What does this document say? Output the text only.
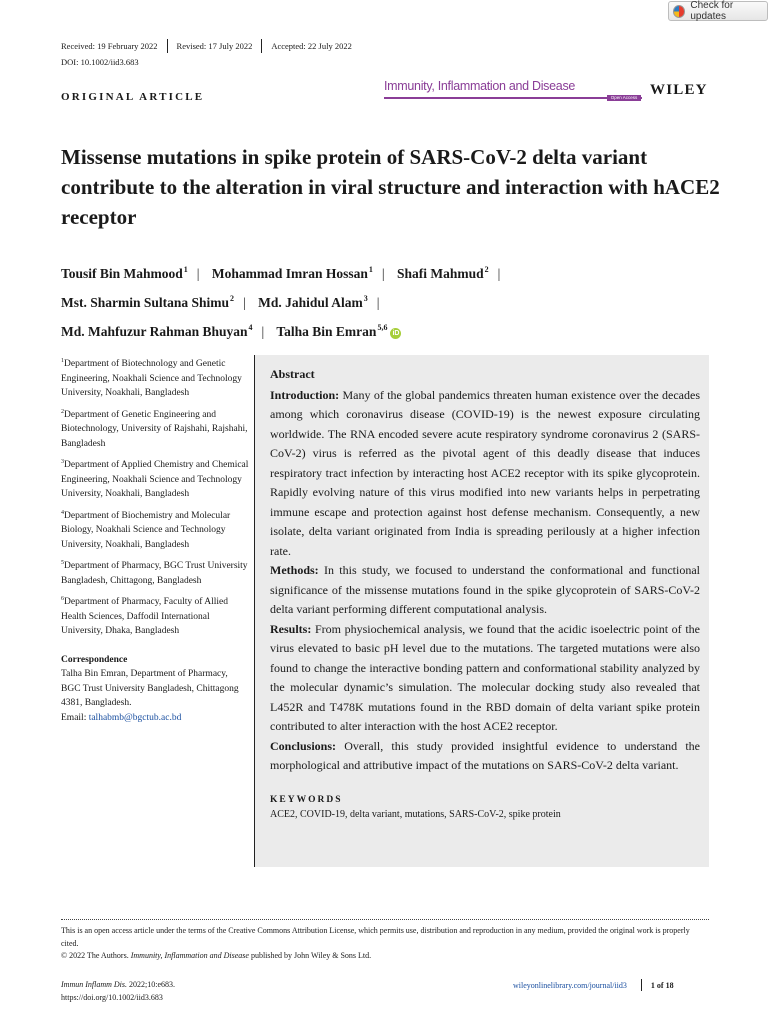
Check for updates
Received: 19 February 2022 Revised: 17 July 2022 Accepted: 22 July 2022
DOI: 10.1002/iid3.683
ORIGINAL ARTICLE
Immunity, Inflammation and Disease
Open Access WILEY
Missense mutations in spike protein of SARS-CoV-2 delta variant contribute to the alteration in viral structure and interaction with hACE2 receptor
Tousif Bin Mahmood$^1$ | Mohammad Imran Hossan$^1$ | Shafi Mahmud$^2$ |
Mst. Sharmin Sultana Shimu$^2$ | Md. Jahidul Alam$^3$ |
Md. Mahfuzur Rahman Bhuyan$^4$ | Talha Bin Emran$^{5,6}$iD
$^1$Department of Biotechnology and Genetic Engineering, Noakhali Science and Technology University, Noakhali, Bangladesh
$^2$Department of Genetic Engineering and Biotechnology, University of Rajshahi, Rajshahi, Bangladesh
$^3$Department of Applied Chemistry and Chemical Engineering, Noakhali Science and Technology University, Noakhali, Bangladesh
$^4$Department of Biochemistry and Molecular Biology, Noakhali Science and Technology University, Noakhali, Bangladesh
$^5$Department of Pharmacy, BGC Trust University Bangladesh, Chittagong, Bangladesh
$^6$Department of Pharmacy, Faculty of Allied Health Sciences, Daffodil International University, Dhaka, Bangladesh
Correspondence
Talha Bin Emran, Department of Pharmacy, BGC Trust University Bangladesh, Chittagong 4381, Bangladesh.
Email: talhabmb@bgctub.ac.bd
Abstract

Introduction: Many of the global pandemics threaten human existence over the decades among which coronavirus disease (COVID-19) is the newest exposure circulating worldwide. The RNA encoded severe acute respiratory syndrome coronavirus 2 (SARS-CoV-2) virus is referred as the pivotal agent of this deadly disease that induces respiratory tract infection by interacting host ACE2 receptor with its spike glycoprotein. Rapidly evolving nature of this virus modified into new variants helps in perpetrating immune escape and protection against host defense mechanism. Consequently, a new isolate, delta variant originated from India is spreading perilously at a higher infection rate.

Methods: In this study, we focused to understand the conformational and functional significance of the missense mutations found in the spike glycoprotein of SARS-CoV-2 delta variant performing different computational analysis.

Results: From physiochemical analysis, we found that the acidic isoelectric point of the virus elevated to basic pH level due to the mutations. The targeted mutations were also found to change the interactive bonding pattern and conformational stability analyzed by the molecular dynamic’s simulation. The molecular docking study also revealed that L452R and T478K mutations found in the RBD domain of delta variant spike protein contributed to alter interaction with the host ACE2 receptor.

Conclusions: Overall, this study provided insightful evidence to understand the morphological and attributive impact of the mutations on SARS-CoV-2 delta variant.

KEYWORDS
ACE2, COVID-19, delta variant, mutations, SARS-CoV-2, spike protein
This is an open access article under the terms of the Creative Commons Attribution License, which permits use, distribution and reproduction in any medium, provided the original work is properly cited.
© 2022 The Authors. Immunity, Inflammation and Disease published by John Wiley & Sons Ltd.
Immun Inflamm Dis. 2022;10:e683.
https://doi.org/10.1002/iid3.683
wileyonlinelibrary.com/journal/iid3	1 of 18
